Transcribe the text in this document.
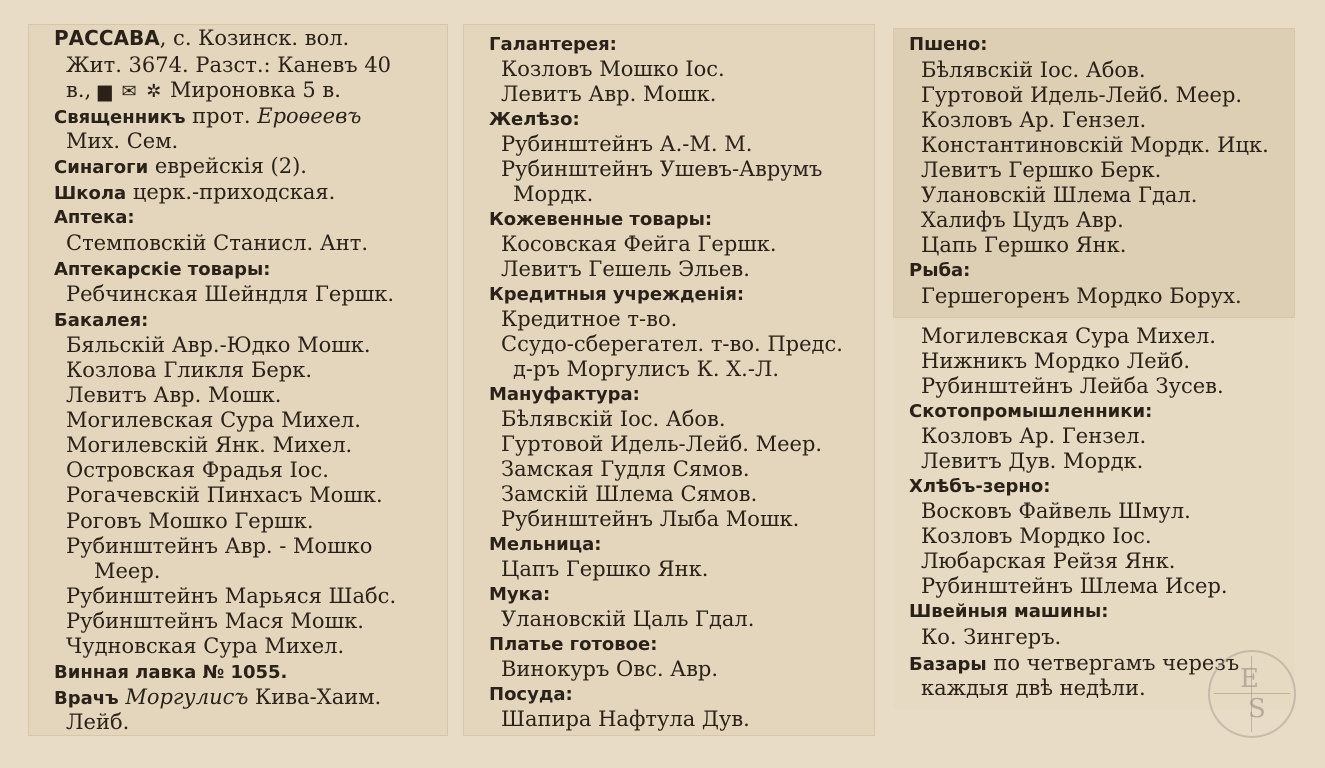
РАССАВА, с. Козинск. вол.
Жит. 3674. Разст.: Каневъ 40
в., ▆ ✉ ✲ Мироновка 5 в.
Священникъ прот. Ероѳеевъ
Мих. Сем.
Синагоги еврейскія (2).
Школа церк.-приходская.
Аптека:
Стемповскій Станисл. Ант.
Аптекарскіе товары:
Ребчинская Шейндля Гершк.
Бакалея:
Бяльскій Авр.-Юдко Мошк.
Козлова Гликля Берк.
Левитъ Авр. Мошк.
Могилевская Сура Михел.
Могилевскій Янк. Михел.
Островская Фрадья Іос.
Рогачевскій Пинхасъ Мошк.
Роговъ Мошко Гершк.
Рубинштейнъ Авр. - Мошко
Меер.
Рубинштейнъ Марьяся Шабс.
Рубинштейнъ Мася Мошк.
Чудновская Сура Михел.
Винная лавка № 1055.
Врачъ Моргулисъ Кива-Хаим.
Лейб.
Галантерея:
Козловъ Мошко Іос.
Левитъ Авр. Мошк.
Желѣзо:
Рубинштейнъ А.-М. М.
Рубинштейнъ Ушевъ-Аврумъ
Мордк.
Кожевенные товары:
Косовская Фейга Гершк.
Левитъ Гешель Эльев.
Кредитныя учрежденія:
Кредитное т-во.
Ссудо-сберегател. т-во. Предс.
д-ръ Моргулисъ К. Х.-Л.
Мануфактура:
Бѣлявскій Іос. Абов.
Гуртовой Идель-Лейб. Меер.
Замская Гудля Сямов.
Замскій Шлема Сямов.
Рубинштейнъ Лыба Мошк.
Мельница:
Цапъ Гершко Янк.
Мука:
Улановскій Цаль Гдал.
Платье готовое:
Винокуръ Овс. Авр.
Посуда:
Шапира Нафтула Дув.
Пшено:
Бѣлявскій Іос. Абов.
Гуртовой Идель-Лейб. Меер.
Козловъ Ар. Гензел.
Константиновскій Мордк. Ицк.
Левитъ Гершко Берк.
Улановскій Шлема Гдал.
Халифъ Цудъ Авр.
Цапь Гершко Янк.
Рыба:
Гершегоренъ Мордко Борух.
Могилевская Сура Михел.
Нижникъ Мордко Лейб.
Рубинштейнъ Лейба Зусев.
Скотопромышленники:
Козловъ Ар. Гензел.
Левитъ Дув. Мордк.
Хлѣбъ-зерно:
Восковъ Файвель Шмул.
Козловъ Мордко Іос.
Любарская Рейзя Янк.
Рубинштейнъ Шлема Исер.
Швейныя машины:
Ко. Зингеръ.
Базары по четвергамъ черезъ
каждыя двѣ недѣли.	E
S
